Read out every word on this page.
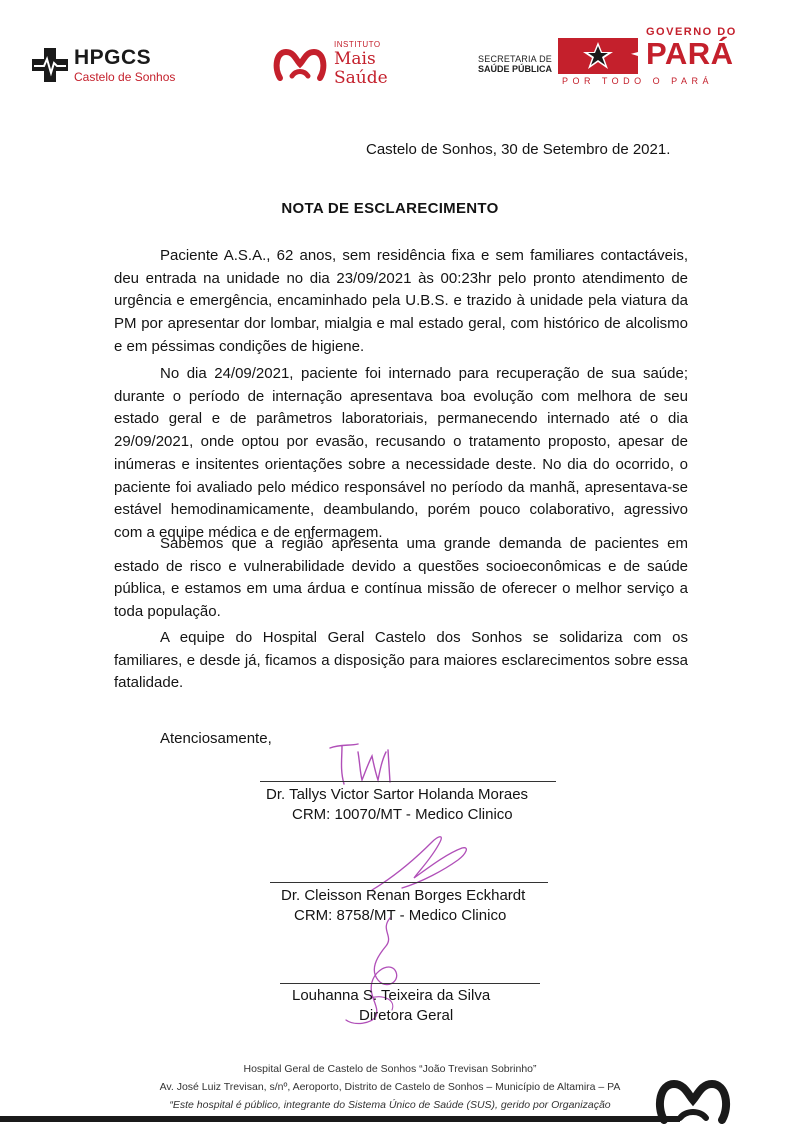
HPGCS
Castelo de Sonhos
INSTITUTO
Mais
Saúde
SECRETARIA DE
SAÚDE PÚBLICA
GOVERNO DO
PARÁ
POR TODO O PARÁ
Castelo de Sonhos, 30 de Setembro de 2021.
NOTA DE ESCLARECIMENTO
Paciente A.S.A., 62 anos, sem residência fixa e sem familiares contactáveis, deu entrada na unidade no dia 23/09/2021 às 00:23hr pelo pronto atendimento de urgência e emergência, encaminhado pela U.B.S. e trazido à unidade pela viatura da PM por apresentar dor lombar, mialgia e mal estado geral, com histórico de alcolismo e em péssimas condições de higiene.
No dia 24/09/2021, paciente foi internado para recuperação de sua saúde; durante o período de internação apresentava boa evolução com melhora de seu estado geral e de parâmetros laboratoriais, permanecendo internado até o dia 29/09/2021, onde optou por evasão, recusando o tratamento proposto, apesar de inúmeras e insitentes orientações sobre a necessidade deste. No dia do ocorrido, o paciente foi avaliado pelo médico responsável no período da manhã, apresentava-se estável hemodinamicamente, deambulando, porém pouco colaborativo, agressivo com a equipe médica e de enfermagem.
Sabemos que a região apresenta uma grande demanda de pacientes em estado de risco e vulnerabilidade devido a questões socioeconômicas e de saúde pública, e estamos em uma árdua e contínua missão de oferecer o melhor serviço a toda população.
A equipe do Hospital Geral Castelo dos Sonhos se solidariza com os familiares, e desde já, ficamos a disposição para maiores esclarecimentos sobre essa fatalidade.
Atenciosamente,
Dr. Tallys Victor Sartor Holanda Moraes
CRM: 10070/MT - Medico Clinico
Dr. Cleisson Renan Borges Eckhardt
CRM: 8758/MT - Medico Clinico
Louhanna S. Teixeira da Silva
Diretora Geral
Hospital Geral de Castelo de Sonhos “João Trevisan Sobrinho”
Av. José Luiz Trevisan, s/nº, Aeroporto, Distrito de Castelo de Sonhos – Município de Altamira – PA
“Este hospital é público, integrante do Sistema Único de Saúde (SUS), gerido por Organização
